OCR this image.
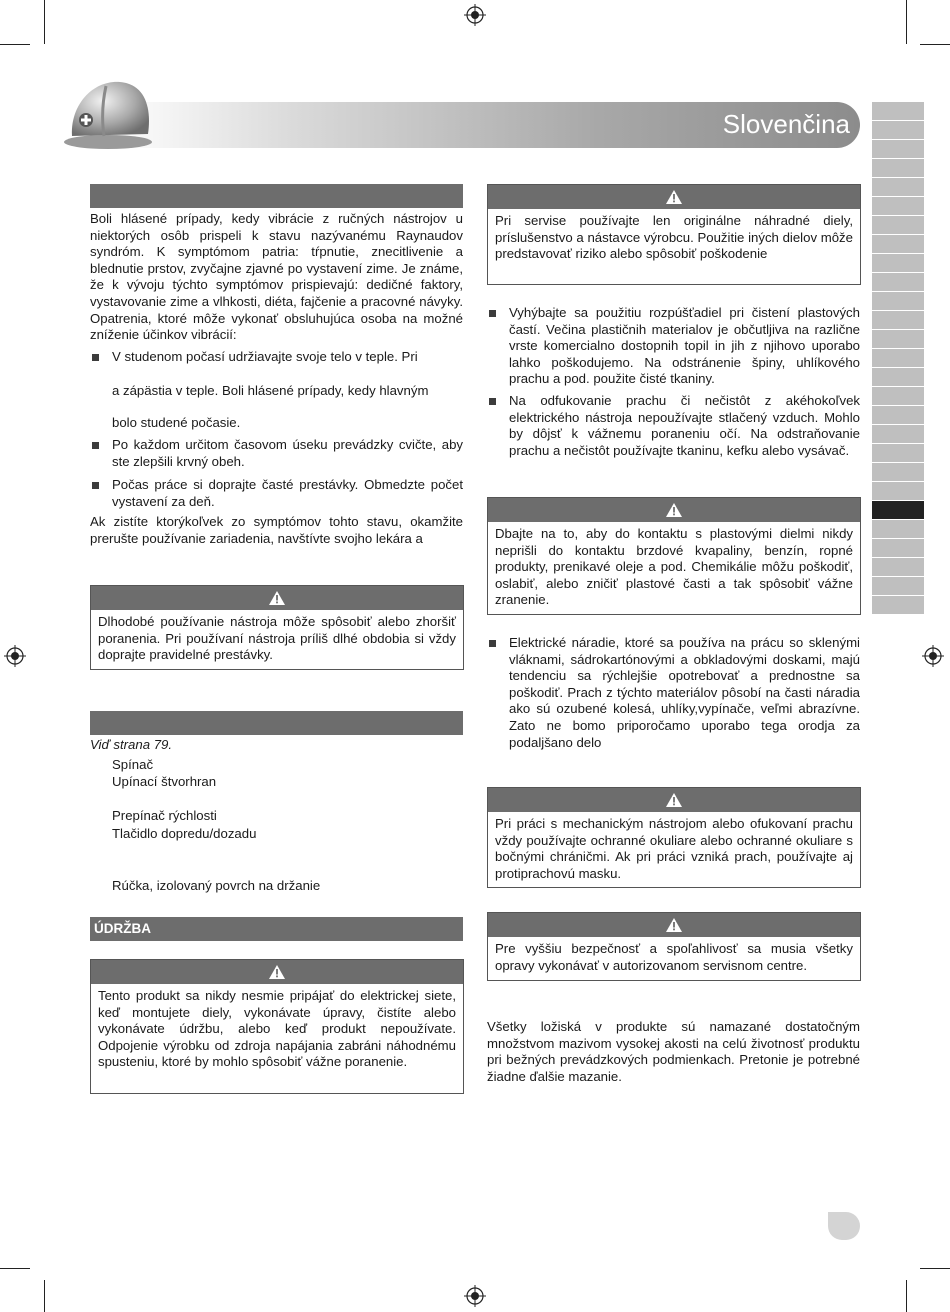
Slovenčina
Boli hlásené prípady, kedy vibrácie z ručných nástrojov u niektorých osôb prispeli k stavu nazývanému Raynaudov syndróm. K symptómom patria: tŕpnutie, znecitlivenie a blednutie prstov, zvyčajne zjavné po vystavení zime. Je známe, že k vývoju týchto symptómov prispievajú: dedičné faktory, vystavovanie zime a vlhkosti, diéta, fajčenie a pracovné návyky. Opatrenia, ktoré môže vykonať obsluhujúca osoba na možné zníženie účinkov vibrácií:
V studenom počasí udržiavajte svoje telo v teple. Pri
a zápästia v teple. Boli hlásené prípady, kedy hlavným
bolo studené počasie.
Po každom určitom časovom úseku prevádzky cvičte, aby ste zlepšili krvný obeh.
Počas práce si doprajte časté prestávky. Obmedzte počet vystavení za deň.
Ak zistíte ktorýkoľvek zo symptómov tohto stavu, okamžite prerušte používanie zariadenia, navštívte svojho lekára a
Dlhodobé používanie nástroja môže spôsobiť alebo zhoršiť poranenia. Pri používaní nástroja príliš dlhé obdobia si vždy doprajte pravidelné prestávky.
Viď strana 79.
Spínač
Upínací štvorhran
Prepínač rýchlosti
Tlačidlo dopredu/dozadu
Rúčka, izolovaný povrch na držanie
ÚDRŽBA
Tento produkt sa nikdy nesmie pripájať do elektrickej siete, keď montujete diely, vykonávate úpravy, čistíte alebo vykonávate údržbu, alebo keď produkt nepoužívate. Odpojenie výrobku od zdroja napájania zabráni náhodnému spusteniu, ktoré by mohlo spôsobiť vážne poranenie.
Pri servise používajte len originálne náhradné diely, príslušenstvo a nástavce výrobcu. Použitie iných dielov môže predstavovať riziko alebo spôsobiť poškodenie
Vyhýbajte sa použitiu rozpúšťadiel pri čistení plastových častí. Večina plastičnih materialov je občutljiva na različne vrste komercialno dostopnih topil in jih z njihovo uporabo lahko poškodujemo. Na odstránenie špiny, uhlíkového prachu a pod. použite čisté tkaniny.
Na odfukovanie prachu či nečistôt z akéhokoľvek elektrického nástroja nepoužívajte stlačený vzduch. Mohlo by dôjsť k vážnemu poraneniu očí. Na odstraňovanie prachu a nečistôt používajte tkaninu, kefku alebo vysávač.
Dbajte na to, aby do kontaktu s plastovými dielmi nikdy neprišli do kontaktu brzdové kvapaliny, benzín, ropné produkty, prenikavé oleje a pod. Chemikálie môžu poškodiť, oslabiť, alebo zničiť plastové časti a tak spôsobiť vážne zranenie.
Elektrické náradie, ktoré sa používa na prácu so sklenými vláknami, sádrokartónovými a obkladovými doskami, majú tendenciu sa rýchlejšie opotrebovať a prednostne sa poškodiť. Prach z týchto materiálov pôsobí na časti náradia ako sú ozubené kolesá, uhlíky,vypínače, veľmi abrazívne. Zato ne bomo priporočamo uporabo tega orodja za podaljšano delo
Pri práci s mechanickým nástrojom alebo ofukovaní prachu vždy používajte ochranné okuliare alebo ochranné okuliare s bočnými chráničmi. Ak pri práci vzniká prach, používajte aj protiprachovú masku.
Pre vyššiu bezpečnosť a spoľahlivosť sa musia všetky opravy vykonávať v autorizovanom servisnom centre.
Všetky ložiská v produkte sú namazané dostatočným množstvom mazivom vysokej akosti na celú životnosť produktu pri bežných prevádzkových podmienkach. Pretonie je potrebné žiadne ďalšie mazanie.
